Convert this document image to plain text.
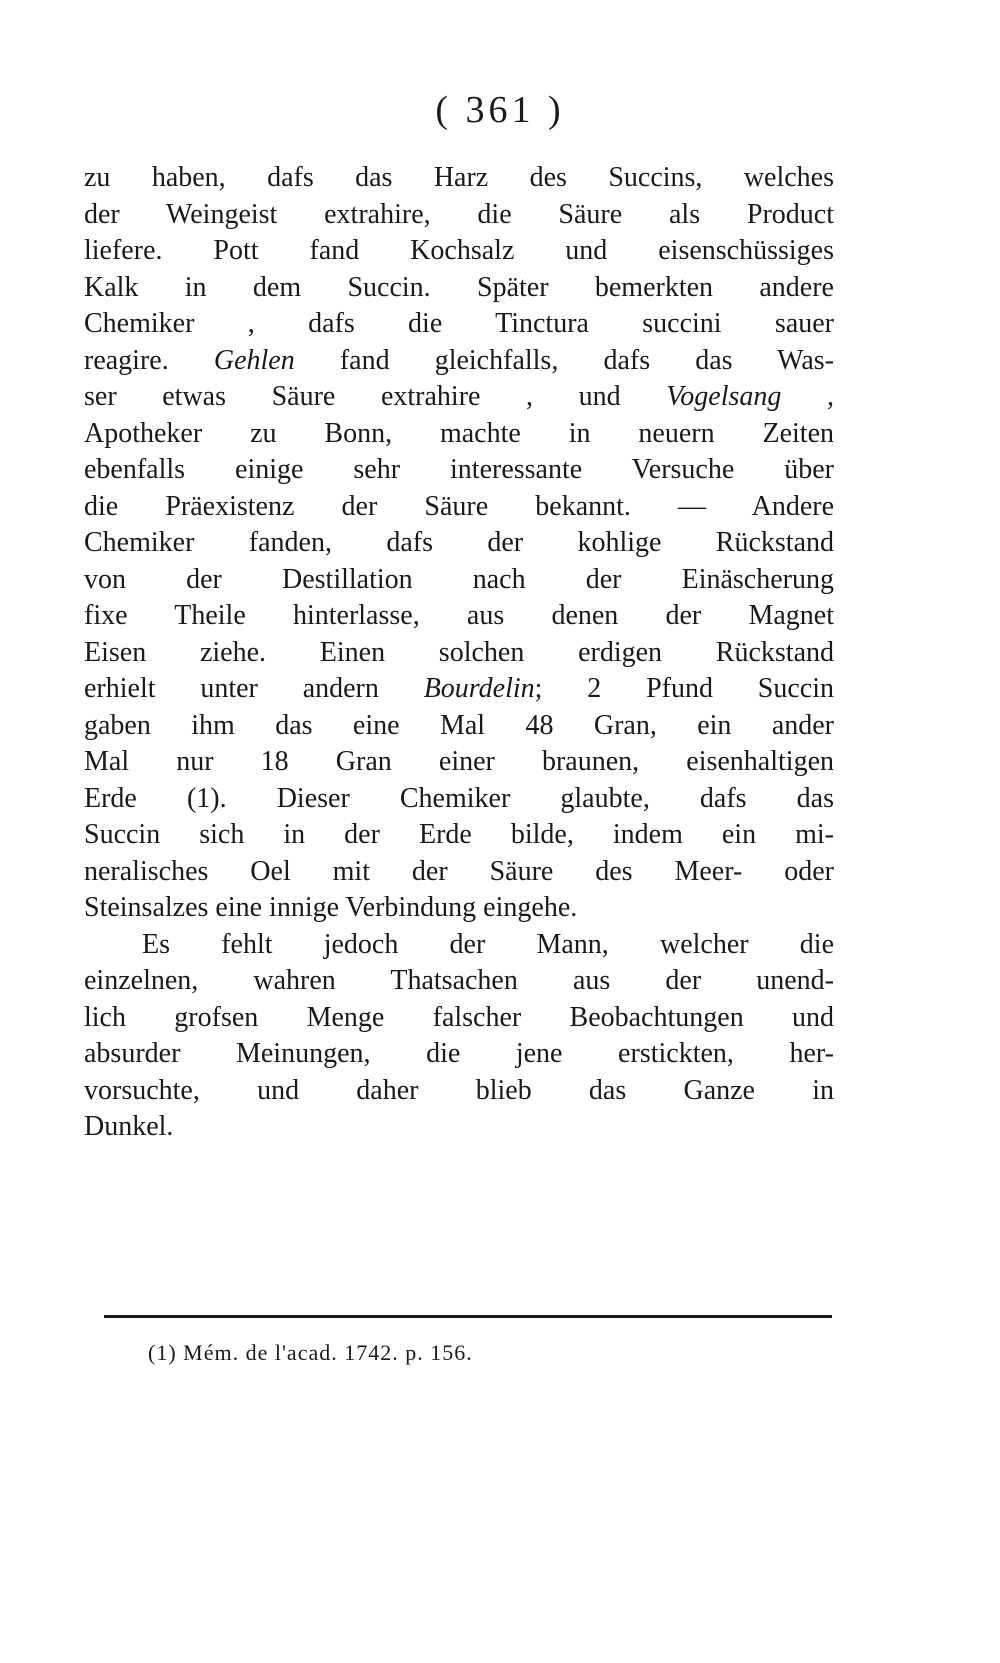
( 361 )
zu haben, dafs das Harz des Succins, welches
der Weingeist extrahire, die Säure als Product
liefere. Pott fand Kochsalz und eisenschüssiges
Kalk in dem Succin. Später bemerkten andere
Chemiker , dafs die Tinctura succini sauer
reagire. Gehlen fand gleichfalls, dafs das Was-
ser etwas Säure extrahire , und Vogelsang ,
Apotheker zu Bonn, machte in neuern Zeiten
ebenfalls einige sehr interessante Versuche über
die Präexistenz der Säure bekannt. — Andere
Chemiker fanden, dafs der kohlige Rückstand
von der Destillation nach der Einäscherung
fixe Theile hinterlasse, aus denen der Magnet
Eisen ziehe. Einen solchen erdigen Rückstand
erhielt unter andern Bourdelin; 2 Pfund Succin
gaben ihm das eine Mal 48 Gran, ein ander
Mal nur 18 Gran einer braunen, eisenhaltigen
Erde (1). Dieser Chemiker glaubte, dafs das
Succin sich in der Erde bilde, indem ein mi-
neralisches Oel mit der Säure des Meer- oder
Steinsalzes eine innige Verbindung eingehe.
Es fehlt jedoch der Mann, welcher die
einzelnen, wahren Thatsachen aus der unend-
lich grofsen Menge falscher Beobachtungen und
absurder Meinungen, die jene erstickten, her-
vorsuchte, und daher blieb das Ganze in
Dunkel.
(1) Mém. de l'acad. 1742. p. 156.
